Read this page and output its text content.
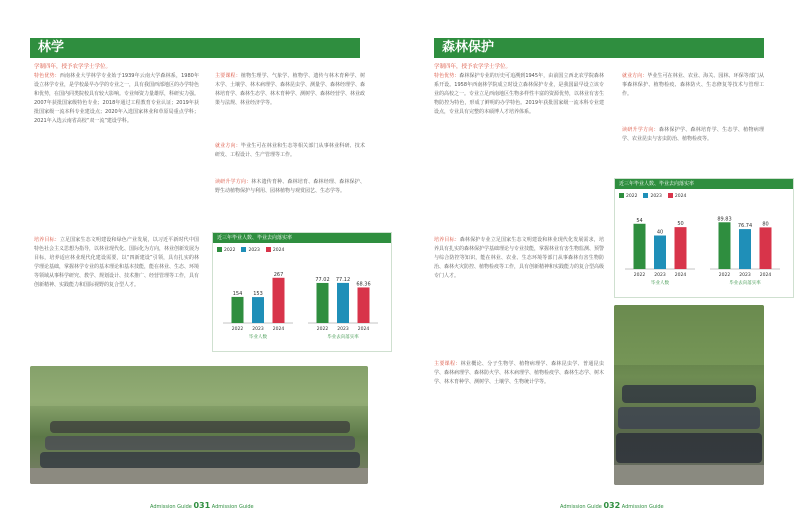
林学
学制四年，授予农学学士学位。
特色优势：西南林业大学林学专业始于1939年云南大学森林系，1980年设立林学专业，是学校最早办学的专业之一，具有我国西部地区的办学特色和优势，在国内同类院校具有较大影响。专业师资力量雄厚，科研实力强。2007年获批国家级特色专业；2018年通过工程教育专业认证；2019年获批国家级一流本科专业建设点；2020年入选国家林业和草原局重点学科；2021年入选云南省高校“双一流”建设学科。
主要课程：植物生理学、气象学、植物学、遗传与林木育种学、树木学、土壤学、林木病理学、森林昆虫学、测量学、森林经理学、森林培育学、森林生态学、林木育种学、测树学、森林经营学、林业政策与法规、林业经济学等。
就业方向：毕业生可在林业和生态等相关部门从事林业科研、技术研发、工程设计、生产管理等工作。
读研升学方向：林木遗传育种、森林培育、森林经理、森林保护、野生动植物保护与利用、园林植物与观赏园艺、生态学等。
培养目标：立足国家生态文明建设和绿色产业发展，以习近平新时代中国特色社会主义思想为指导，以林业现代化、国际化为方向，林业创新发展为目标，培养适应林业现代化建设需要，以“四新建设”引领，具有扎实的林学理论基础，掌握林学专业的基本理论和基本技能，能在林业、生态、环境等领域从事科学研究、教学、规划设计、技术推广、经营管理等工作，具有创新精神、实践能力和国际视野的复合型人才。
近三年毕业人数、毕业去向落实率
2022	2023	2024
154
2022
153
2023
267
2024
毕业人数
77.02
2022
77.12
2023
68.36
2024
毕业去向落实率
Admission Guide 031 Admission Guide
森林保护
学制四年，授予农学学士学位。
特色优势：森林保护专业的历史可追溯到1945年，由前国立西北农学院森林系开设。1958年西南林学院成立时设立森林保护专业，是我国最早设立该专业的高校之一。专业立足西南地区生物多样性丰富的资源优势，以林业有害生物防控为特色，形成了鲜明的办学特色。2019年获批国家级一流本科专业建设点，专业具有完整的本硕博人才培养体系。
就业方向：毕业生可在林业、农业、海关、园林、环保等部门从事森林保护、植物检疫、森林防火、生态修复等技术与管理工作。
读研升学方向：森林保护学、森林培育学、生态学、植物病理学、农业昆虫与害虫防治、植物检疫等。
培养目标：森林保护专业立足国家生态文明建设和林业现代化发展需求，培养具有扎实的森林保护学基础理论与专业技能，掌握林业有害生物监测、预警与综合防控等知识，能在林业、农业、生态环境等部门从事森林有害生物防治、森林火灾防控、植物检疫等工作，具有创新精神和实践能力的复合型高级专门人才。
主要课程：林业概论、分子生物学、植物病理学、森林昆虫学、普通昆虫学、森林病理学、森林防火学、林木病理学、植物检疫学、森林生态学、树木学、林木育种学、测树学、土壤学、生物统计学等。
近三年毕业人数、毕业去向落实率
2022	2023	2024
54
2022
40
2023
50
2024
毕业人数
89.83
2022
76.74
2023
80
2024
毕业去向落实率
Admission Guide 032 Admission Guide
